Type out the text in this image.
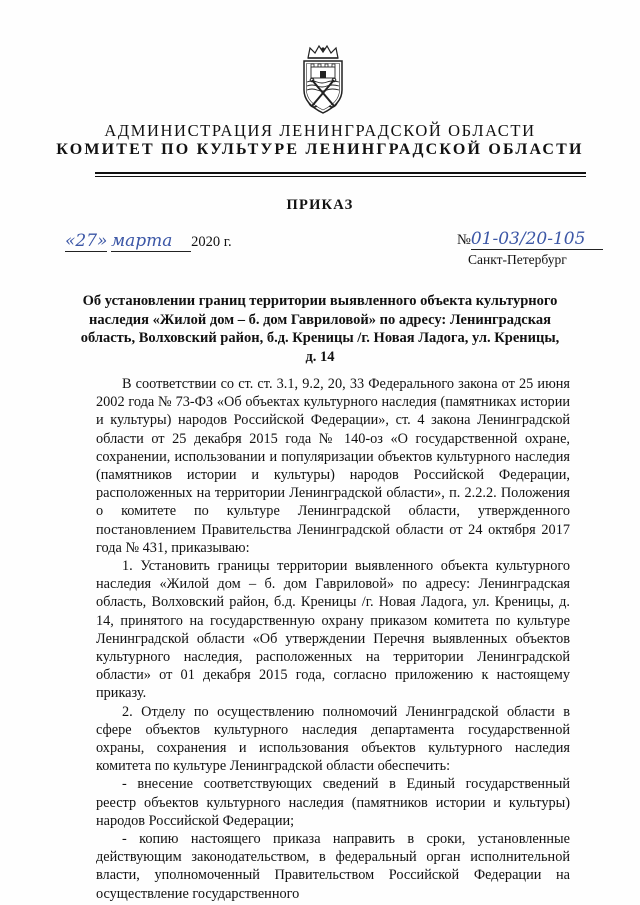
АДМИНИСТРАЦИЯ ЛЕНИНГРАДСКОЙ ОБЛАСТИ
КОМИТЕТ ПО КУЛЬТУРЕ ЛЕНИНГРАДСКОЙ ОБЛАСТИ
ПРИКАЗ
«27» марта 2020 г.	№01-03/20-105
Санкт-Петербург
Об установлении границ территории выявленного объекта культурного наследия «Жилой дом – б. дом Гавриловой» по адресу: Ленинградская область, Волховский район, б.д. Креницы /г. Новая Ладога, ул. Креницы, д. 14

В соответствии со ст. ст. 3.1, 9.2, 20, 33 Федерального закона от 25 июня 2002 года № 73-ФЗ «Об объектах культурного наследия (памятниках истории и культуры) народов Российской Федерации», ст. 4 закона Ленинградской области от 25 декабря 2015 года № 140-оз «О государственной охране, сохранении, использовании и популяризации объектов культурного наследия (памятников истории и культуры) народов Российской Федерации, расположенных на территории Ленинградской области», п. 2.2.2. Положения о комитете по культуре Ленинградской области, утвержденного постановлением Правительства Ленинградской области от 24 октября 2017 года № 431, приказываю:

1. Установить границы территории выявленного объекта культурного наследия «Жилой дом – б. дом Гавриловой» по адресу: Ленинградская область, Волховский район, б.д. Креницы /г. Новая Ладога, ул. Креницы, д. 14, принятого на государственную охрану приказом комитета по культуре Ленинградской области «Об утверждении Перечня выявленных объектов культурного наследия, расположенных на территории Ленинградской области» от 01 декабря 2015 года, согласно приложению к настоящему приказу.

2. Отделу по осуществлению полномочий Ленинградской области в сфере объектов культурного наследия департамента государственной охраны, сохранения и использования объектов культурного наследия комитета по культуре Ленинградской области обеспечить:

- внесение соответствующих сведений в Единый государственный реестр объектов культурного наследия (памятников истории и культуры) народов Российской Федерации;

- копию настоящего приказа направить в сроки, установленные действующим законодательством, в федеральный орган исполнительной власти, уполномоченный Правительством Российской Федерации на осуществление государственного
